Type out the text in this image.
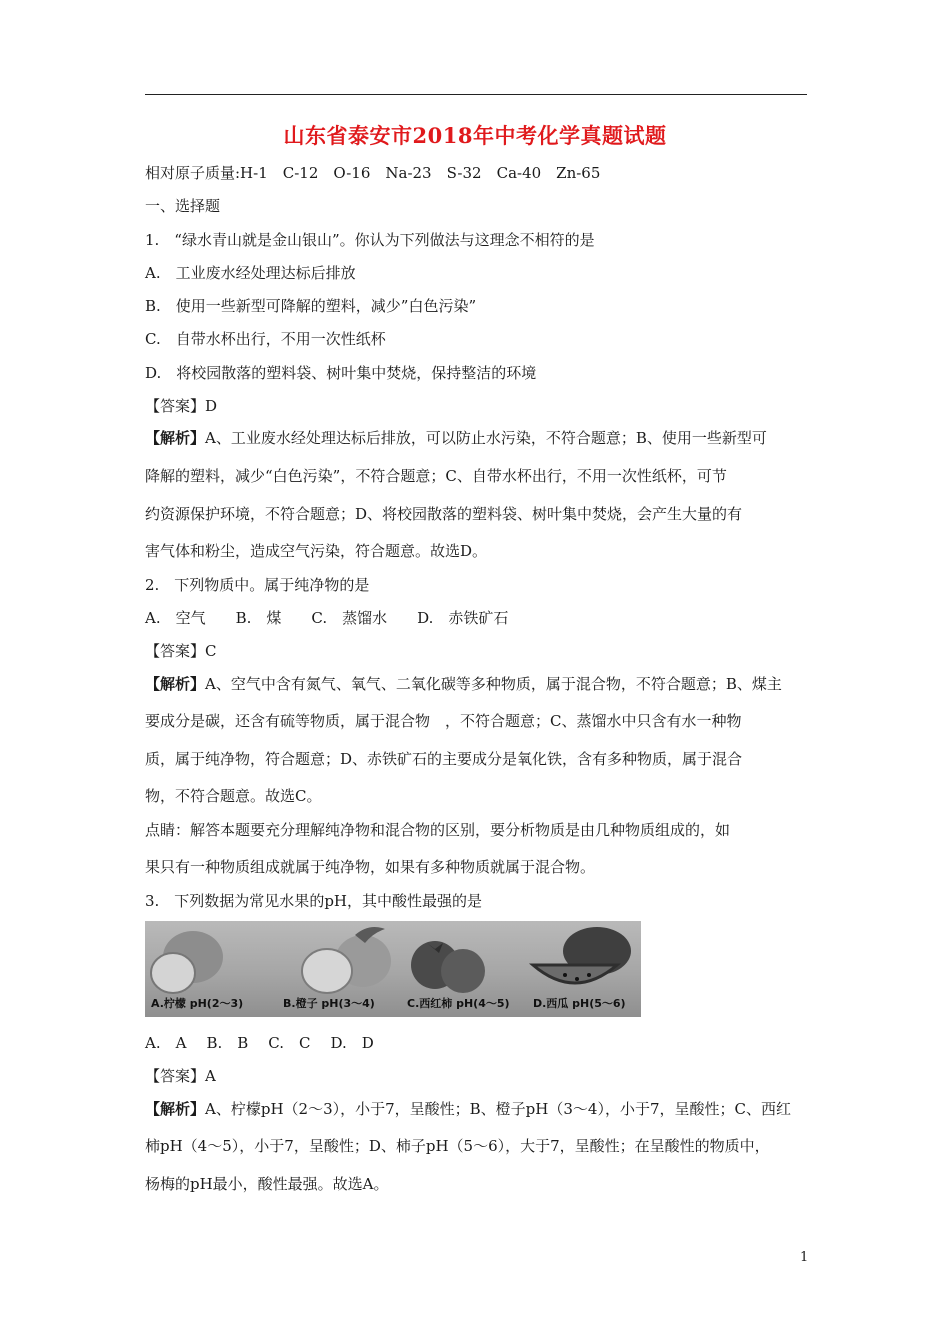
山东省泰安市2018年中考化学真题试题
相对原子质量:H-1　C-12　O-16　Na-23　S-32　Ca-40　Zn-65
一、选择题
1.　“绿水青山就是金山银山”。你认为下列做法与这理念不相符的是
A.　工业废水经处理达标后排放
B.　使用一些新型可降解的塑料，减少”白色污染”
C.　自带水杯出行，不用一次性纸杯
D.　将校园散落的塑料袋、树叶集中焚烧，保持整洁的环境
【答案】D
【解析】A、工业废水经处理达标后排放，可以防止水污染，不符合题意；B、使用一些新型可
降解的塑料，减少“白色污染”，不符合题意；C、自带水杯出行，不用一次性纸杯，可节
约资源保护环境，不符合题意；D、将校园散落的塑料袋、树叶集中焚烧，会产生大量的有
害气体和粉尘，造成空气污染，符合题意。故选D。
2.　下列物质中。属于纯净物的是
A.　空气 B.　煤 C.　蒸馏水 D.　赤铁矿石
【答案】C
【解析】A、空气中含有氮气、氧气、二氧化碳等多种物质，属于混合物，不符合题意；B、煤主
要成分是碳，还含有硫等物质，属于混合物　，不符合题意；C、蒸馏水中只含有水一种物
质，属于纯净物，符合题意；D、赤铁矿石的主要成分是氧化铁，含有多种物质，属于混合
物，不符合题意。故选C。
点睛：解答本题要充分理解纯净物和混合物的区别，要分析物质是由几种物质组成的，如
果只有一种物质组成就属于纯净物，如果有多种物质就属于混合物。
3.　下列数据为常见水果的pH，其中酸性最强的是
A.柠檬 pH(2～3)	B.橙子 pH(3～4)	C.西红柿 pH(4～5) D.西瓜 pH(5～6)
A.　A B.　B C.　C D.　D
【答案】A
【解析】A、柠檬pH（2～3），小于7，呈酸性；B、橙子pH（3～4），小于7，呈酸性；C、西红
柿pH（4～5），小于7，呈酸性；D、柿子pH（5～6），大于7，呈酸性；在呈酸性的物质中，
杨梅的pH最小，酸性最强。故选A。
1
